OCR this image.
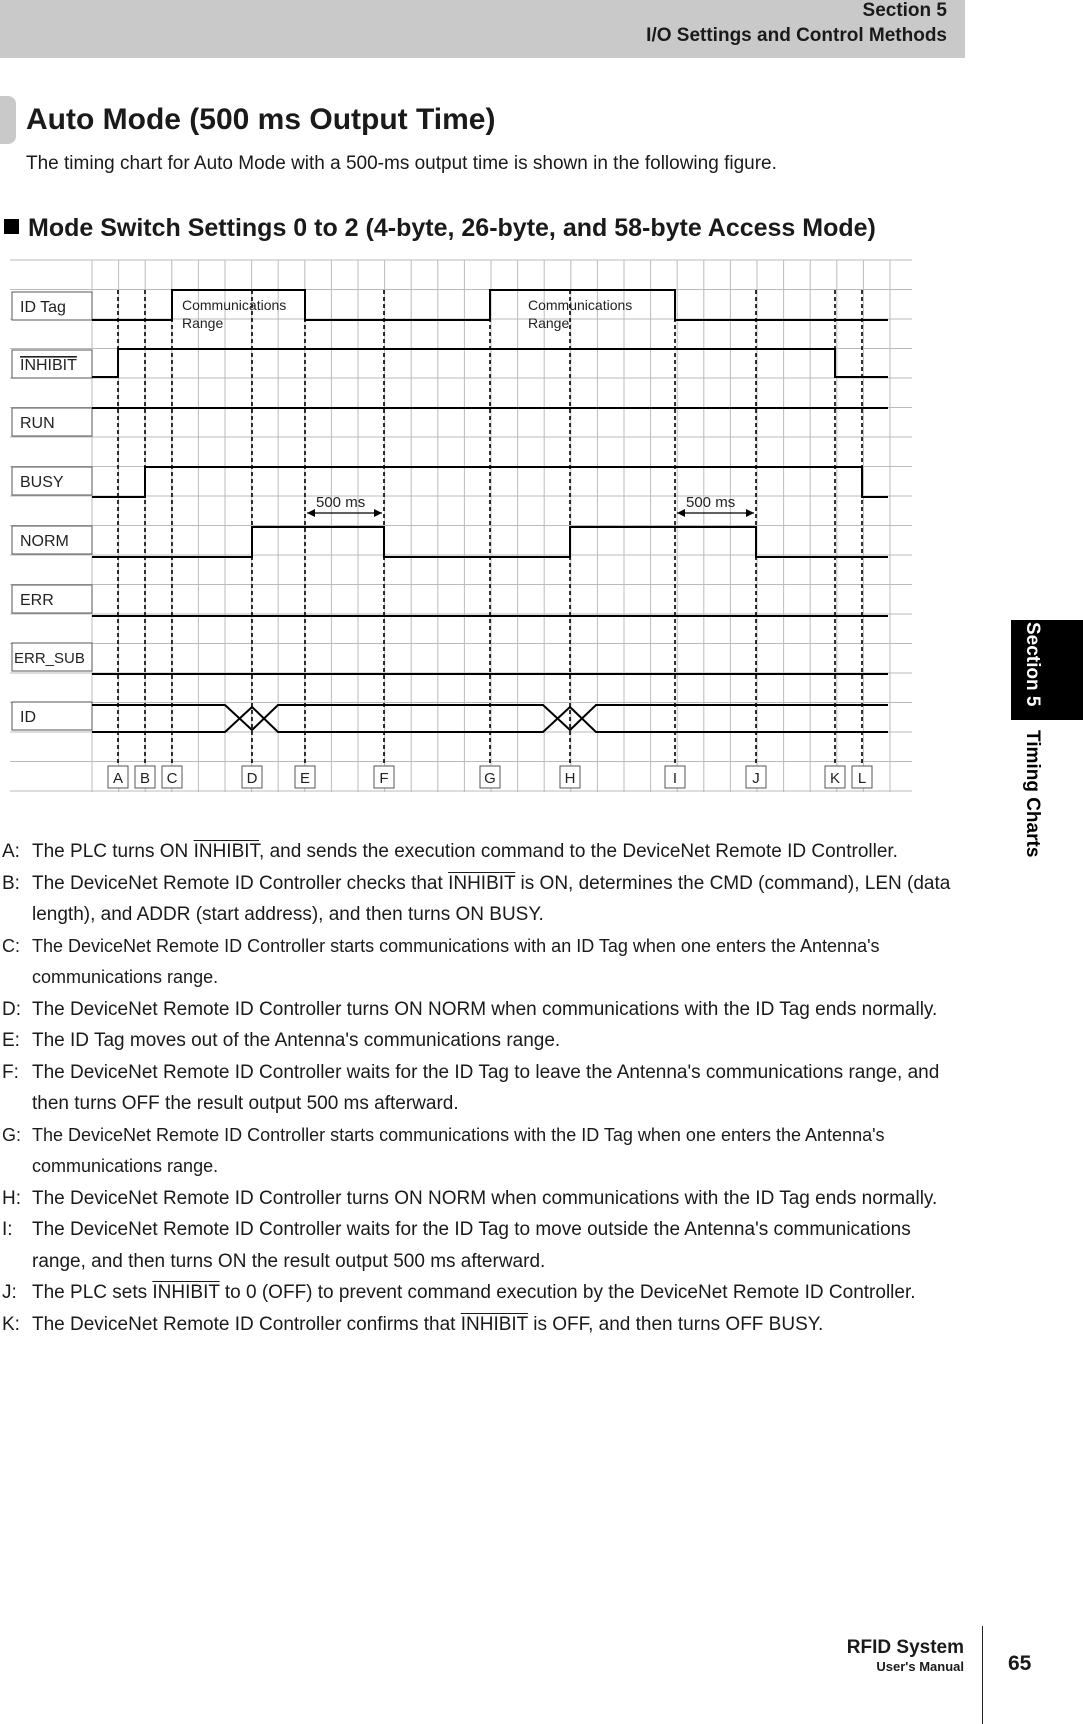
Section 5
I/O Settings and Control Methods
Section 5
Timing Charts
Auto Mode (500 ms Output Time)
The timing chart for Auto Mode with a 500-ms output time is shown in the following figure.
Mode Switch Settings 0 to 2 (4-byte, 26-byte, and 58-byte Access Mode)
ID Tag
INHIBIT
RUN
BUSY
NORM
ERR
ERR_SUB
ID
A B C	D	E	F	G	H	I	J	K L
Communications
Range
Communications
Range
500 ms	500 ms
A: The PLC turns ON INHIBIT, and sends the execution command to the DeviceNet Remote ID Controller.
B: The DeviceNet Remote ID Controller checks that INHIBIT is ON, determines the CMD (command), LEN (data length), and ADDR (start address), and then turns ON BUSY.
C: The DeviceNet Remote ID Controller starts communications with an ID Tag when one enters the Antenna's communications range.
D: The DeviceNet Remote ID Controller turns ON NORM when communications with the ID Tag ends normally.
E: The ID Tag moves out of the Antenna's communications range.
F: The DeviceNet Remote ID Controller waits for the ID Tag to leave the Antenna's communications range, and then turns OFF the result output 500 ms afterward.
G: The DeviceNet Remote ID Controller starts communications with the ID Tag when one enters the Antenna's communications range.
H: The DeviceNet Remote ID Controller turns ON NORM when communications with the ID Tag ends normally.
I: The DeviceNet Remote ID Controller waits for the ID Tag to move outside the Antenna's communications range, and then turns ON the result output 500 ms afterward.
J: The PLC sets INHIBIT to 0 (OFF) to prevent command execution by the DeviceNet Remote ID Controller.
K: The DeviceNet Remote ID Controller confirms that INHIBIT is OFF, and then turns OFF BUSY.
RFID System
User's Manual 65
